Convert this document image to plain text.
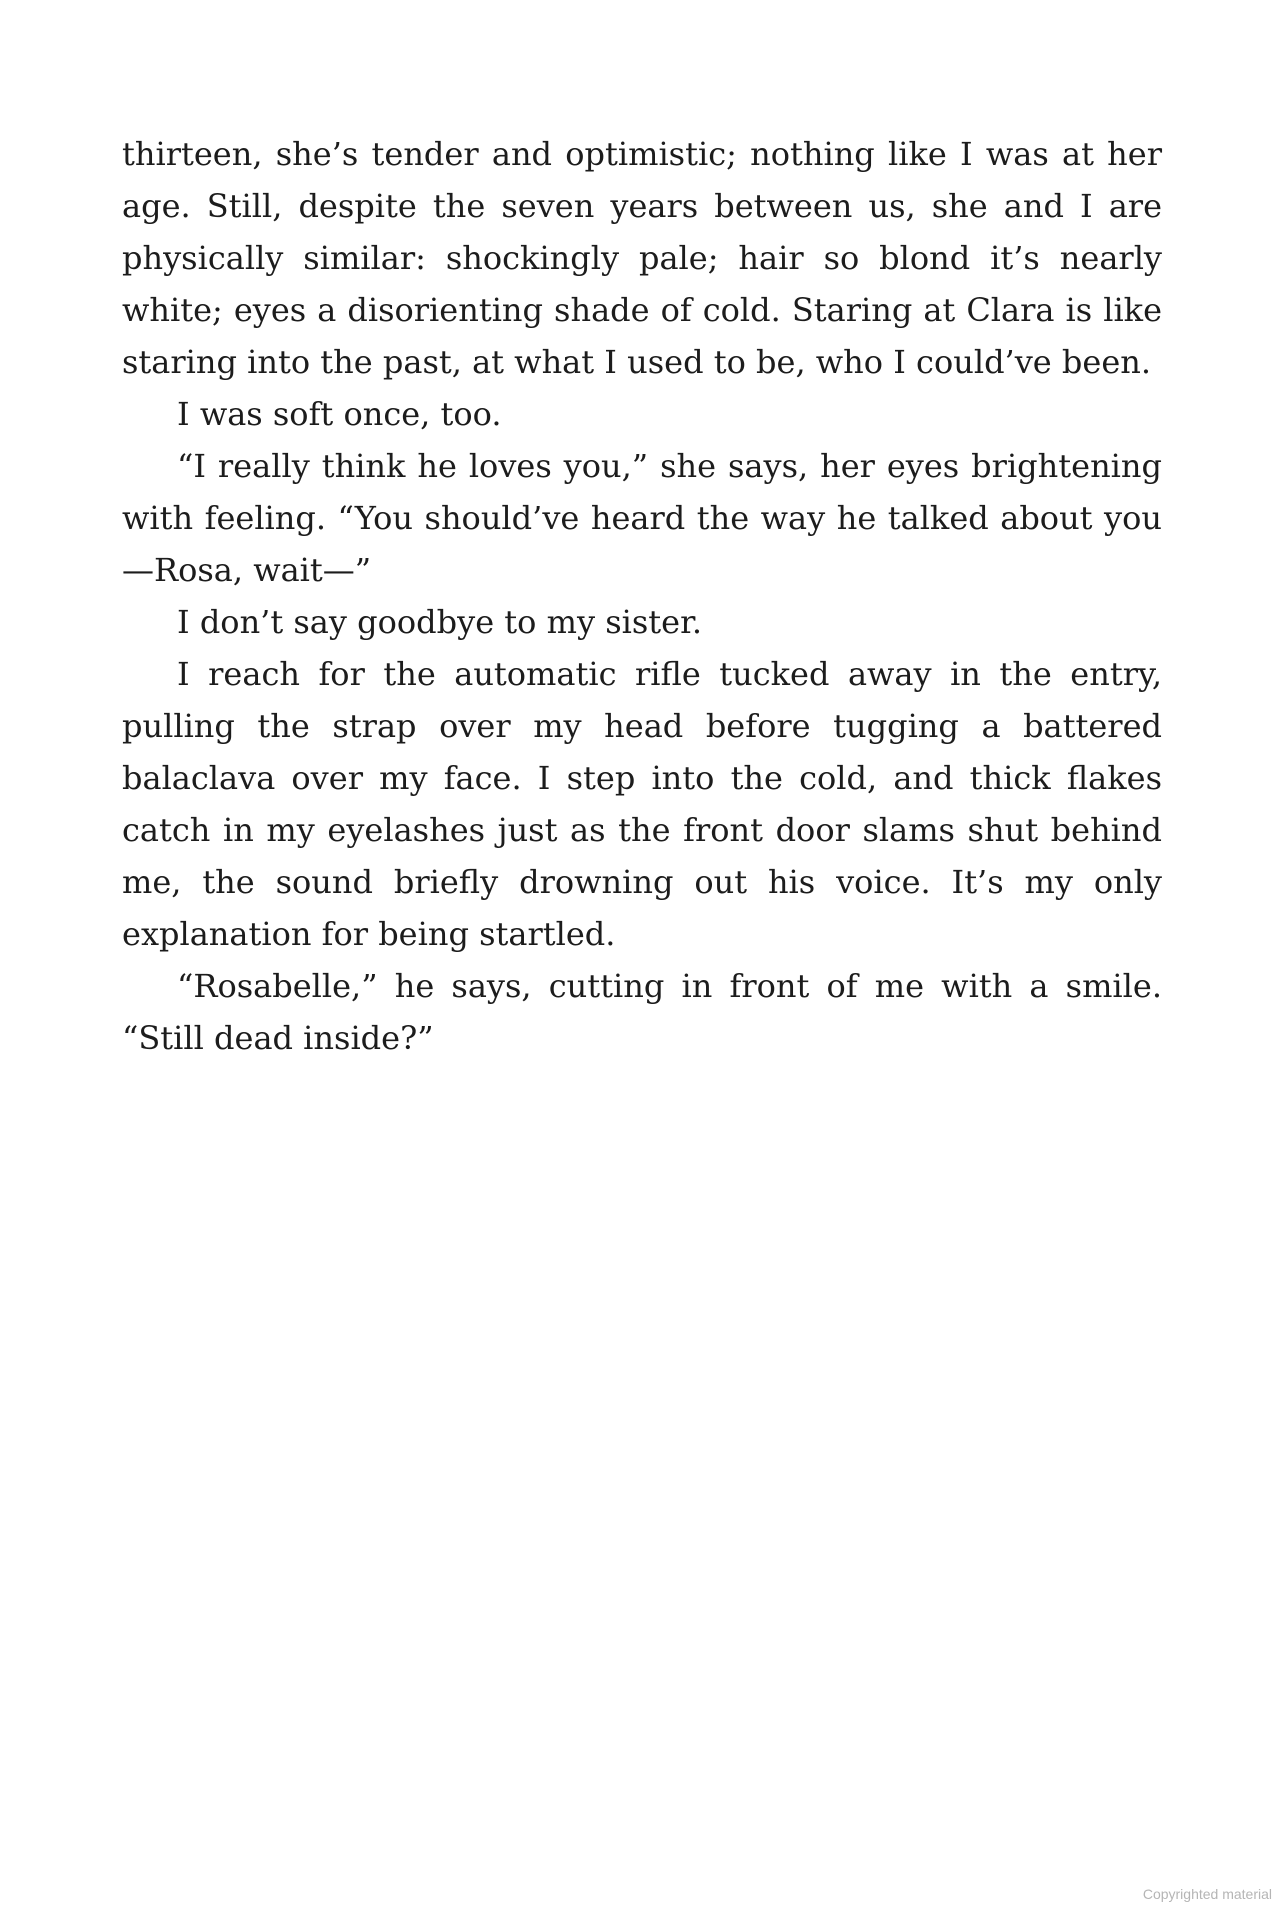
thirteen, she’s tender and optimistic; nothing like I was at her age. Still, despite the seven years between us, she and I are physically similar: shockingly pale; hair so blond it’s nearly white; eyes a disorienting shade of cold. Staring at Clara is like staring into the past, at what I used to be, who I could’ve been.

I was soft once, too.

“I really think he loves you,” she says, her eyes brightening with feeling. “You should’ve heard the way he talked about you—Rosa, wait—”

I don’t say goodbye to my sister.

I reach for the automatic rifle tucked away in the entry, pulling the strap over my head before tugging a battered balaclava over my face. I step into the cold, and thick flakes catch in my eyelashes just as the front door slams shut behind me, the sound briefly drowning out his voice. It’s my only explanation for being startled.

“Rosabelle,” he says, cutting in front of me with a smile. “Still dead inside?”

Copyrighted material
